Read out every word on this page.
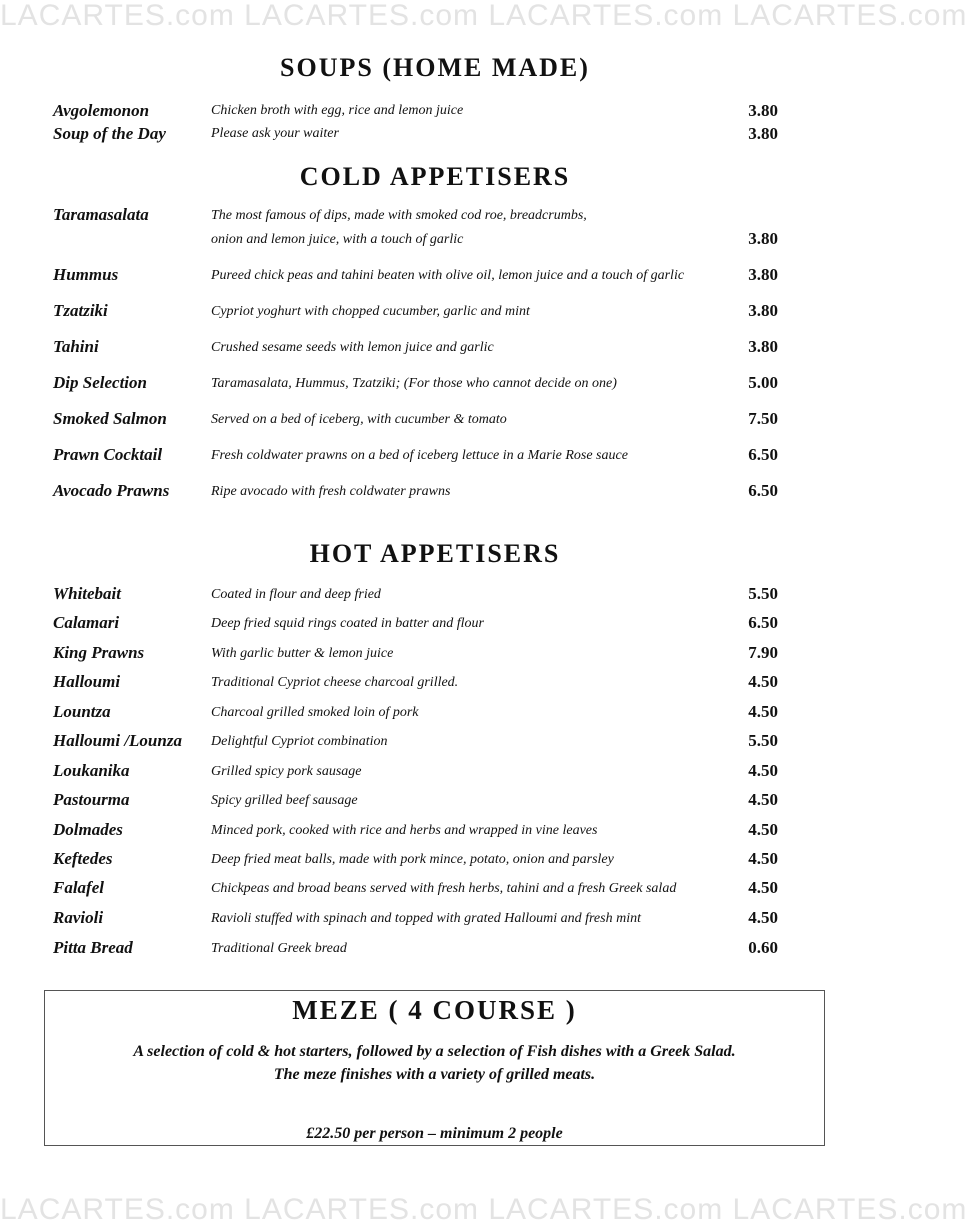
LACARTES.com LACARTES.com LACARTES.com LACARTES.com
SOUPS (HOME MADE)
Avgolemonon	Chicken broth with egg, rice and lemon juice	3.80
Soup of the Day	Please ask your waiter	3.80
COLD APPETISERS
Taramasalata	The most famous of dips, made with smoked cod roe, breadcrumbs,
onion and lemon juice, with a touch of garlic	3.80
Hummus	Pureed chick peas and tahini beaten with olive oil, lemon juice and a touch of garlic	3.80
Tzatziki	Cypriot yoghurt with chopped cucumber, garlic and mint	3.80
Tahini	Crushed sesame seeds with lemon juice and garlic	3.80
Dip Selection	Taramasalata, Hummus, Tzatziki; (For those who cannot decide on one)	5.00
Smoked Salmon	Served on a bed of iceberg, with cucumber & tomato	7.50
Prawn Cocktail	Fresh coldwater prawns on a bed of iceberg lettuce in a Marie Rose sauce	6.50
Avocado Prawns	Ripe avocado with fresh coldwater prawns	6.50
HOT APPETISERS
Whitebait	Coated in flour and deep fried	5.50
Calamari	Deep fried squid rings coated in batter and flour	6.50
King Prawns	With garlic butter & lemon juice	7.90
Halloumi	Traditional Cypriot cheese charcoal grilled.	4.50
Lountza	Charcoal grilled smoked loin of pork	4.50
Halloumi /Lounza	Delightful Cypriot combination	5.50
Loukanika	Grilled spicy pork sausage	4.50
Pastourma	Spicy grilled beef sausage	4.50
Dolmades	Minced pork, cooked with rice and herbs and wrapped in vine leaves	4.50
Keftedes	Deep fried meat balls, made with pork mince, potato, onion and parsley	4.50
Falafel	Chickpeas and broad beans served with fresh herbs, tahini and a fresh Greek salad	4.50
Ravioli	Ravioli stuffed with spinach and topped with grated Halloumi and fresh mint	4.50
Pitta Bread	Traditional Greek bread	0.60
MEZE ( 4 COURSE )
A selection of cold & hot starters, followed by a selection of Fish dishes with a Greek Salad.
The meze finishes with a variety of grilled meats.
£22.50 per person – minimum 2 people
LACARTES.com LACARTES.com LACARTES.com LACARTES.com
